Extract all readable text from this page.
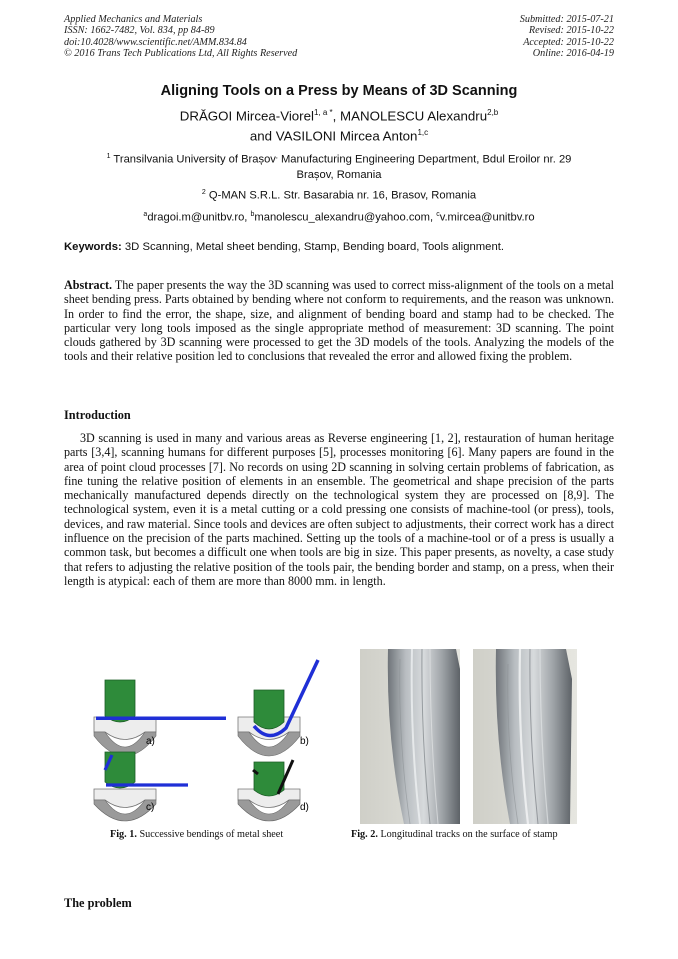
Applied Mechanics and Materials
ISSN: 1662-7482, Vol. 834, pp 84-89
doi:10.4028/www.scientific.net/AMM.834.84
© 2016 Trans Tech Publications Ltd, All Rights Reserved
Submitted: 2015-07-21
Revised: 2015-10-22
Accepted: 2015-10-22
Online: 2016-04-19
Aligning Tools on a Press by Means of 3D Scanning
DRĂGOI Mircea-Viorel$^{1, a *}$, MANOLESCU Alexandru$^{2,b}$
and VASILONI Mircea Anton$^{1,c}$
$^1$ Transilvania University of Brașov, Manufacturing Engineering Department, Bdul Eroilor nr. 29
Brașov, Romania
$^2$ Q-MAN S.R.L. Str. Basarabia nr. 16, Brasov, Romania
$^a$dragoi.m@unitbv.ro, $^b$manolescu_alexandru@yahoo.com, $^c$v.mircea@unitbv.ro
Keywords: 3D Scanning, Metal sheet bending, Stamp, Bending board, Tools alignment.
Abstract. The paper presents the way the 3D scanning was used to correct miss-alignment of the tools on a metal sheet bending press. Parts obtained by bending where not conform to requirements, and the reason was unknown. In order to find the error, the shape, size, and alignment of bending board and stamp had to be checked. The particular very long tools imposed as the single appropriate method of measurement: 3D scanning. The point clouds gathered by 3D scanning were processed to get the 3D models of the tools. Analyzing the models of the tools and their relative position led to conclusions that revealed the error and allowed fixing the problem.
Introduction
3D scanning is used in many and various areas as Reverse engineering [1, 2], restauration of human heritage parts [3,4], scanning humans for different purposes [5], processes monitoring [6]. Many papers are found in the area of point cloud processes [7]. No records on using 2D scanning in solving certain problems of fabrication, as fine tuning the relative position of elements in an ensemble. The geometrical and shape precision of the parts mechanically manufactured depends directly on the technological system they are processed on [8,9]. The technological system, even it is a metal cutting or a cold pressing one consists of machine-tool (or press), tools, devices, and raw material. Since tools and devices are often subject to adjustments, their correct work has a direct influence on the precision of the parts machined. Setting up the tools of a machine-tool or of a press is usually a common task, but becomes a difficult one when tools are big in size. This paper presents, as novelty, a case study that refers to adjusting the relative position of the tools pair, the bending border and stamp, on a press, when their length is atypical: each of them are more than 8000 mm. in length.
a)	b)
c)	d)
Fig. 1. Successive bendings of metal sheet	Fig. 2. Longitudinal tracks on the surface of stamp
The problem
